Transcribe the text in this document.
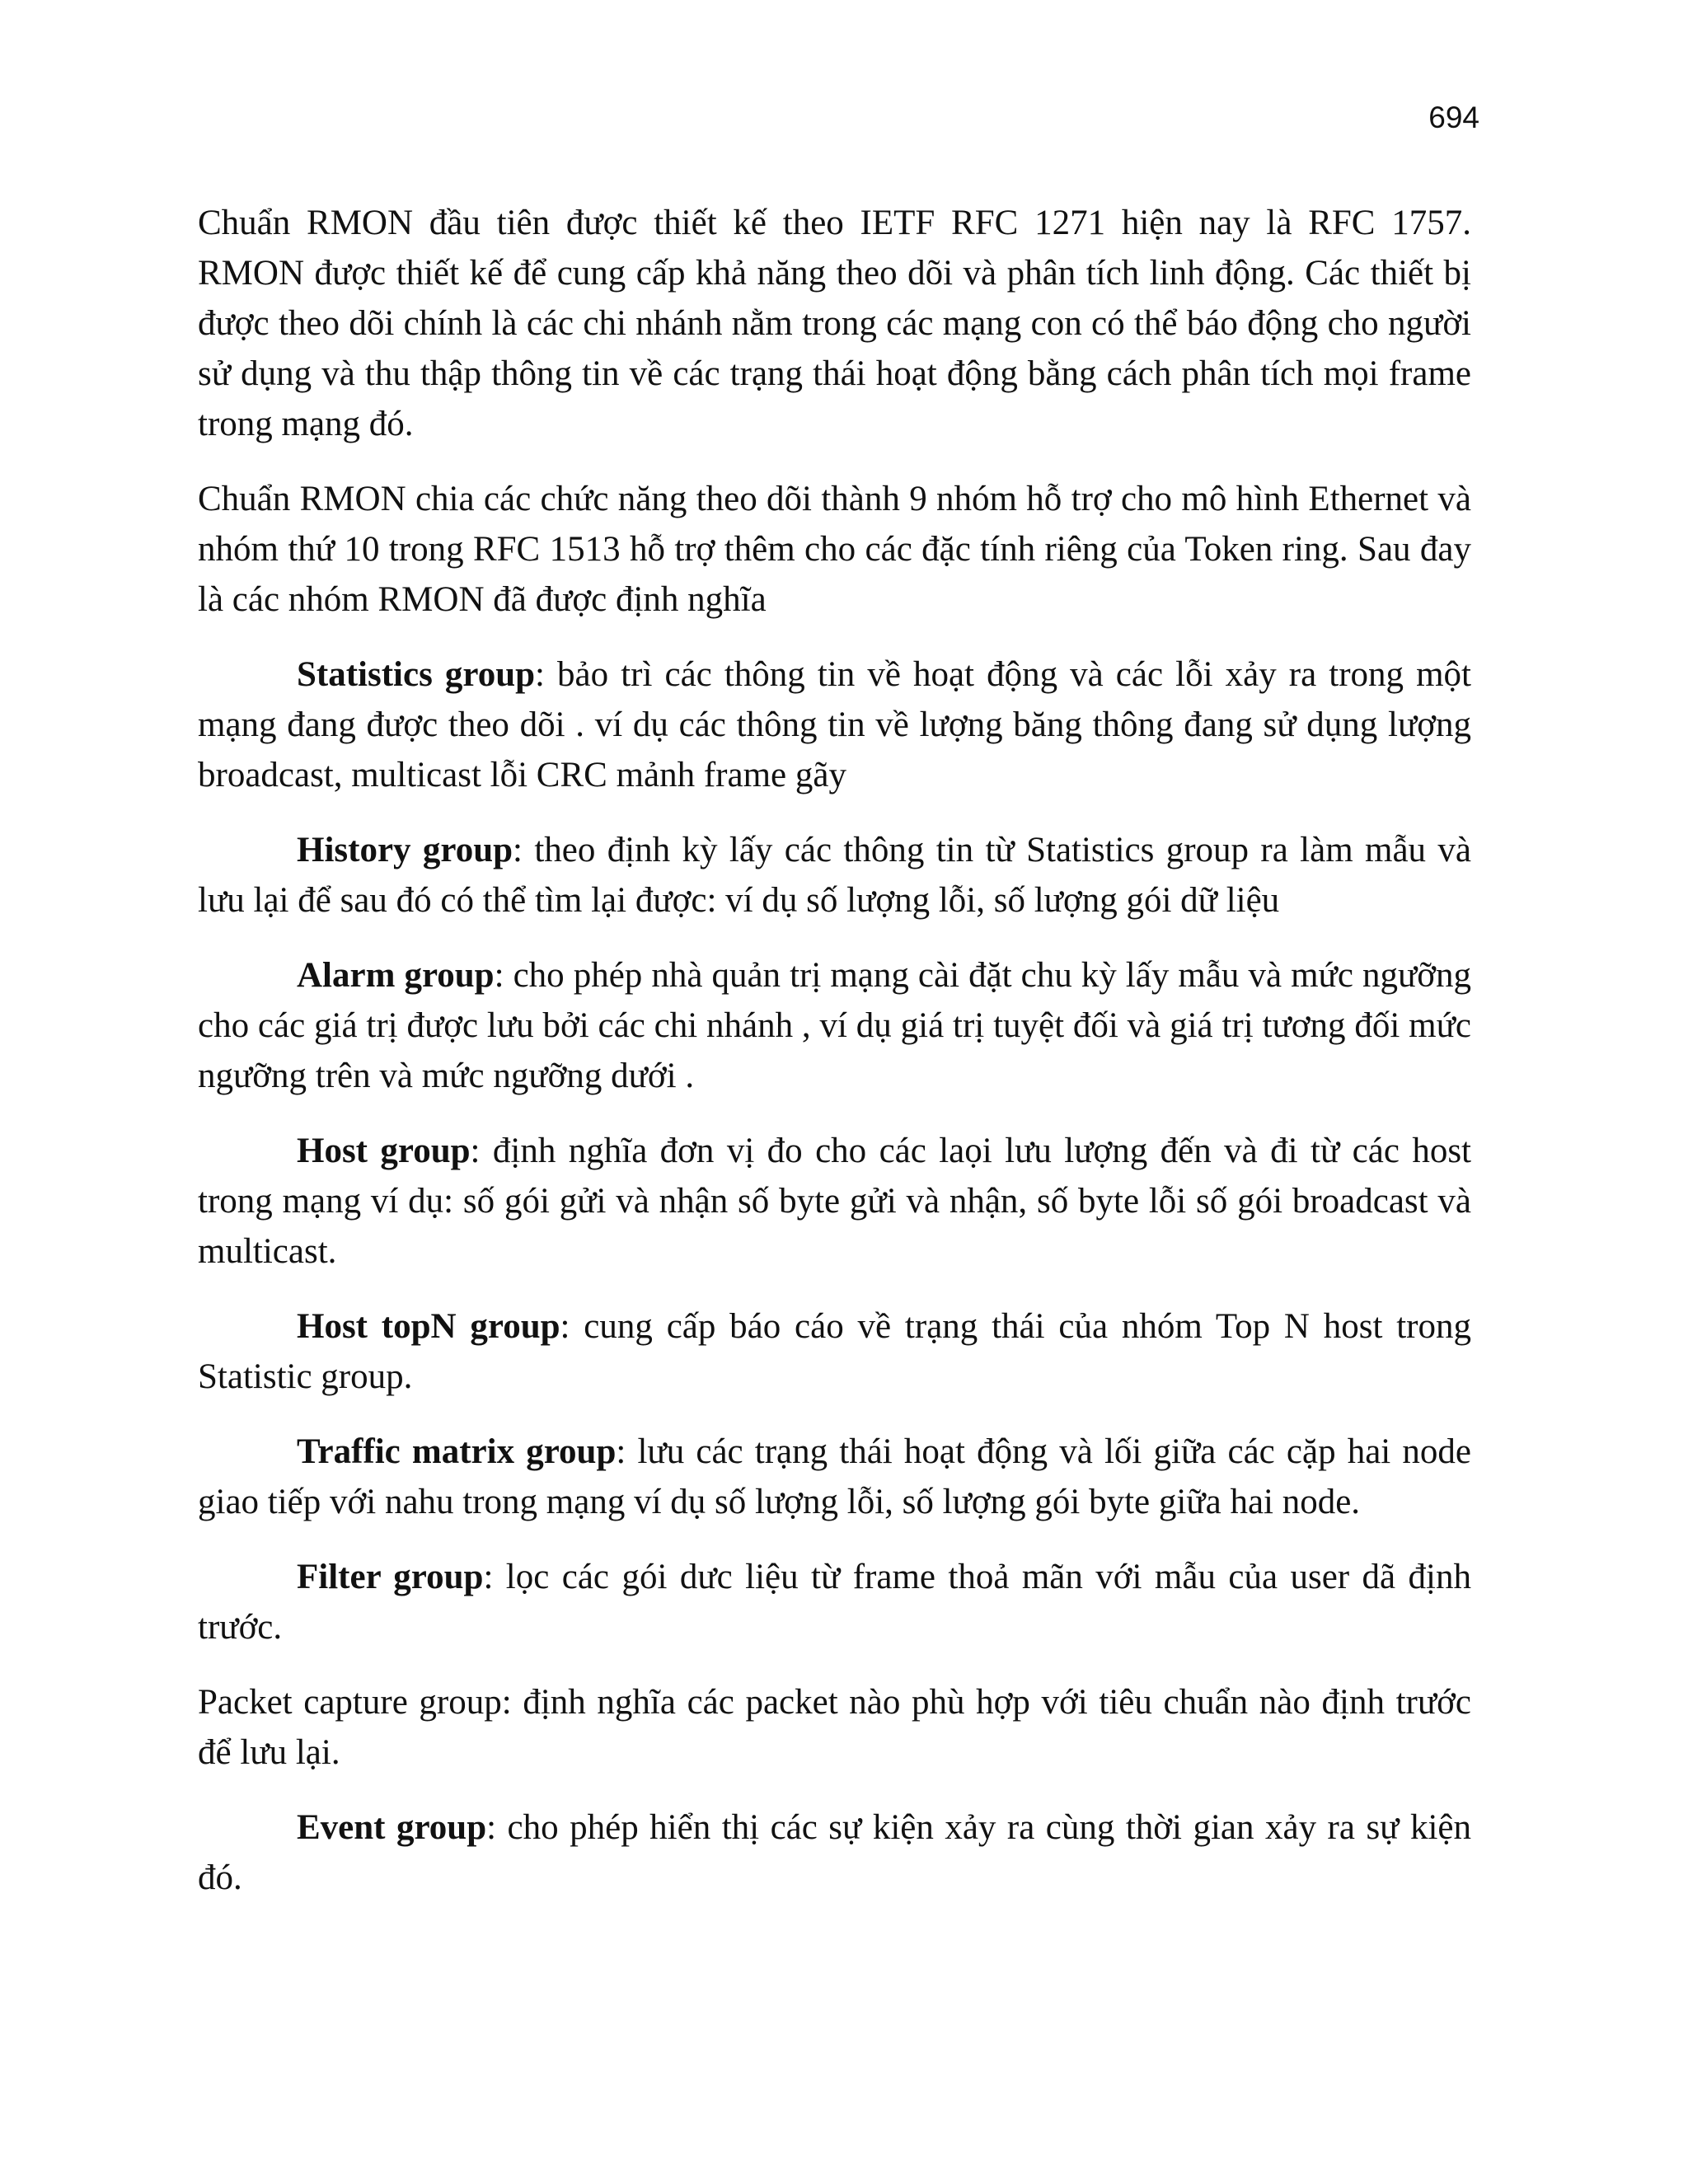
694

Chuẩn RMON đầu tiên được thiết kế theo IETF RFC 1271 hiện nay là RFC 1757. RMON được thiết kế để cung cấp khả năng theo dõi và phân tích linh động. Các thiết bị được theo dõi chính là các chi nhánh nằm trong các mạng con có thể báo động cho người sử dụng và thu thập thông tin về các trạng thái hoạt động bằng cách phân tích mọi frame trong mạng đó.

Chuẩn RMON chia các chức năng theo dõi thành 9 nhóm hỗ trợ cho mô hình Ethernet và nhóm thứ 10 trong RFC 1513 hỗ trợ thêm cho các đặc tính riêng của Token ring. Sau đay là các nhóm RMON đã được định nghĩa

Statistics group: bảo trì các thông tin về hoạt động và các lỗi xảy ra trong một mạng đang được theo dõi . ví dụ các thông tin về lượng băng thông đang sử dụng lượng broadcast, multicast lỗi CRC mảnh frame gãy

History group: theo định kỳ lấy các thông tin từ Statistics group ra làm mẫu và lưu lại để sau đó có thể tìm lại được: ví dụ số lượng lỗi, số lượng gói dữ liệu

Alarm group: cho phép nhà quản trị mạng cài đặt chu kỳ lấy mẫu và mức ngưỡng cho các giá trị được lưu bởi các chi nhánh , ví dụ giá trị tuyệt đối và giá trị tương đối mức ngưỡng trên và mức ngưỡng dưới .

Host group: định nghĩa đơn vị đo cho các laọi lưu lượng đến và đi từ các host trong mạng ví dụ: số gói gửi và nhận số byte gửi và nhận, số byte lỗi số gói broadcast và multicast.

Host topN group: cung cấp báo cáo về trạng thái của nhóm Top N host trong Statistic group.

Traffic matrix group: lưu các trạng thái hoạt động và lối giữa các cặp hai node giao tiếp với nahu trong mạng ví dụ số lượng lỗi, số lượng gói byte giữa hai node.

Filter group: lọc các gói dưc liệu từ frame thoả mãn với mẫu của user dã định trước.

Packet capture group: định nghĩa các packet nào phù hợp với tiêu chuẩn nào định trước để lưu lại.

Event group: cho phép hiển thị các sự kiện xảy ra cùng thời gian xảy ra sự kiện đó.
